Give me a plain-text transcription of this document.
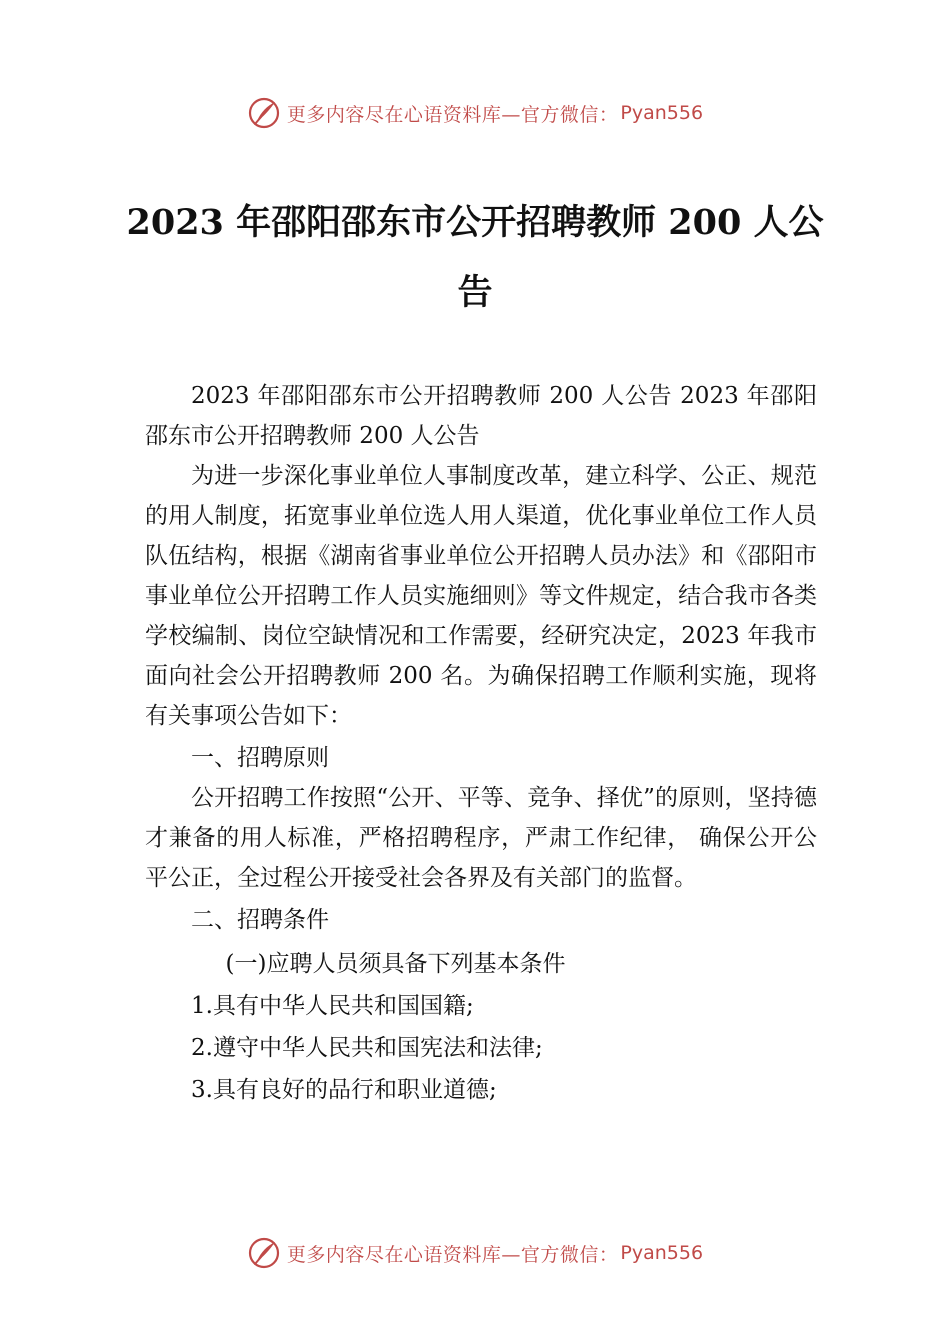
更多内容尽在心语资料库—官方微信： Pyan556
2023 年邵阳邵东市公开招聘教师 200 人公
告

2023 年邵阳邵东市公开招聘教师 200 人公告 2023 年邵阳邵东市公开招聘教师 200 人公告

为进一步深化事业单位人事制度改革，建立科学、公正、规范的用人制度，拓宽事业单位选人用人渠道，优化事业单位工作人员队伍结构，根据《湖南省事业单位公开招聘人员办法》和《邵阳市事业单位公开招聘工作人员实施细则》等文件规定，结合我市各类学校编制、岗位空缺情况和工作需要，经研究决定，2023 年我市面向社会公开招聘教师 200 名。为确保招聘工作顺利实施，现将有关事项公告如下：

一、招聘原则

公开招聘工作按照“公开、平等、竞争、择优”的原则，坚持德才兼备的用人标准，严格招聘程序，严肃工作纪律， 确保公开公平公正，全过程公开接受社会各界及有关部门的监督。

二、招聘条件

(一)应聘人员须具备下列基本条件

1.具有中华人民共和国国籍;

2.遵守中华人民共和国宪法和法律;

3.具有良好的品行和职业道德;

更多内容尽在心语资料库—官方微信： Pyan556
